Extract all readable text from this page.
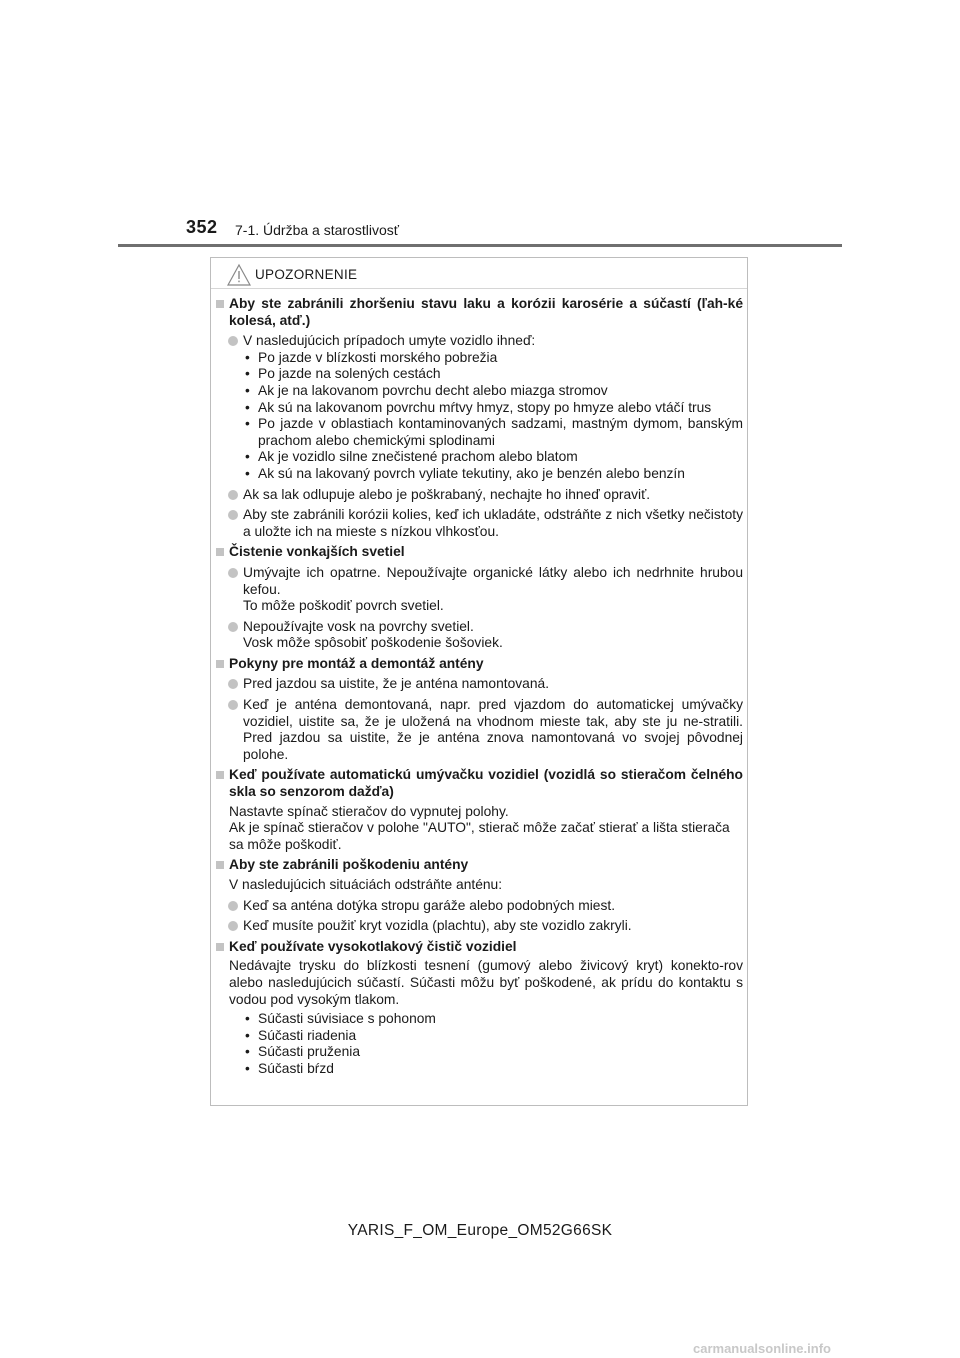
352 7-1. Údržba a starostlivosť
UPOZORNENIE
Aby ste zabránili zhoršeniu stavu laku a korózii karosérie a súčastí (ľah-ké kolesá, atď.)
V nasledujúcich prípadoch umyte vozidlo ihneď:
• Po jazde v blízkosti morského pobrežia
• Po jazde na solených cestách
• Ak je na lakovanom povrchu decht alebo miazga stromov
• Ak sú na lakovanom povrchu mŕtvy hmyz, stopy po hmyze alebo vtáčí trus
• Po jazde v oblastiach kontaminovaných sadzami, mastným dymom, banským prachom alebo chemickými splodinami
• Ak je vozidlo silne znečistené prachom alebo blatom
• Ak sú na lakovaný povrch vyliate tekutiny, ako je benzén alebo benzín
Ak sa lak odlupuje alebo je poškrabaný, nechajte ho ihneď opraviť.
Aby ste zabránili korózii kolies, keď ich ukladáte, odstráňte z nich všetky nečistoty a uložte ich na mieste s nízkou vlhkosťou.
Čistenie vonkajších svetiel
Umývajte ich opatrne. Nepoužívajte organické látky alebo ich nedrhnite hrubou kefou.
To môže poškodiť povrch svetiel.
Nepoužívajte vosk na povrchy svetiel.
Vosk môže spôsobiť poškodenie šošoviek.
Pokyny pre montáž a demontáž antény
Pred jazdou sa uistite, že je anténa namontovaná.
Keď je anténa demontovaná, napr. pred vjazdom do automatickej umývačky vozidiel, uistite sa, že je uložená na vhodnom mieste tak, aby ste ju ne-stratili. Pred jazdou sa uistite, že je anténa znova namontovaná vo svojej pôvodnej polohe.
Keď používate automatickú umývačku vozidiel (vozidlá so stieračom čelného skla so senzorom dažďa)
Nastavte spínač stieračov do vypnutej polohy.
Ak je spínač stieračov v polohe "AUTO", stierač môže začať stierať a lišta stierača sa môže poškodiť.
Aby ste zabránili poškodeniu antény
V nasledujúcich situáciách odstráňte anténu:
Keď sa anténa dotýka stropu garáže alebo podobných miest.
Keď musíte použiť kryt vozidla (plachtu), aby ste vozidlo zakryli.
Keď používate vysokotlakový čistič vozidiel
Nedávajte trysku do blízkosti tesnení (gumový alebo živicový kryt) konekto-rov alebo nasledujúcich súčastí. Súčasti môžu byť poškodené, ak prídu do kontaktu s vodou pod vysokým tlakom.
• Súčasti súvisiace s pohonom
• Súčasti riadenia
• Súčasti pruženia
• Súčasti bŕzd
YARIS_F_OM_Europe_OM52G66SK
carmanualsonline.info
